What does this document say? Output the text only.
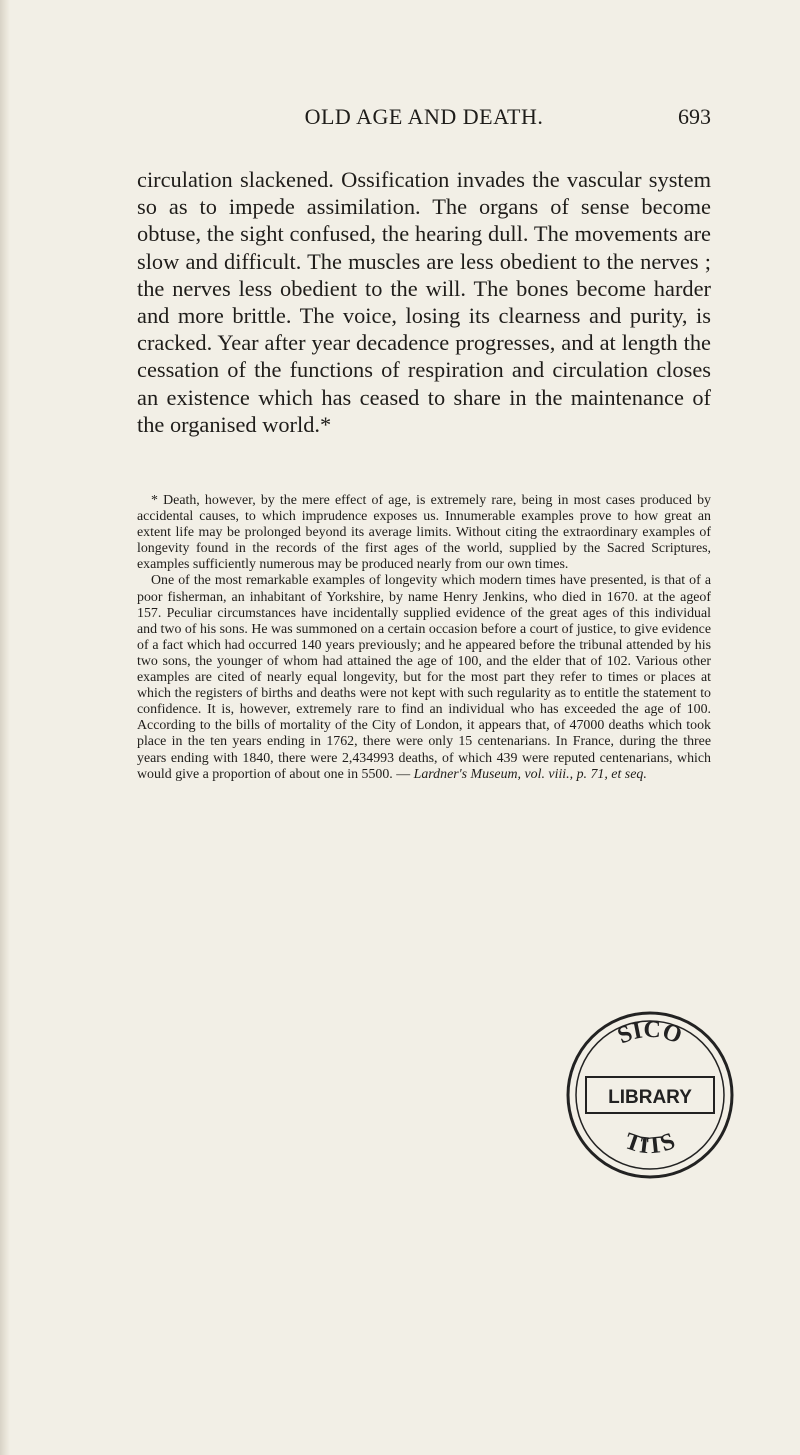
OLD AGE AND DEATH.	693

circulation slackened. Ossification invades the vascular system so as to impede assimilation. The organs of sense become obtuse, the sight confused, the hearing dull. The movements are slow and difficult. The muscles are less obedient to the nerves ; the nerves less obedient to the will. The bones become harder and more brittle. The voice, losing its clearness and purity, is cracked. Year after year decadence progresses, and at length the cessation of the functions of respiration and circulation closes an existence which has ceased to share in the maintenance of the organised world.*

* Death, however, by the mere effect of age, is extremely rare, being in most cases produced by accidental causes, to which imprudence exposes us. Innumerable examples prove to how great an extent life may be prolonged beyond its average limits. Without citing the extraordinary examples of longevity found in the records of the first ages of the world, supplied by the Sacred Scriptures, examples sufficiently numerous may be produced nearly from our own times.
One of the most remarkable examples of longevity which modern times have presented, is that of a poor fisherman, an inhabitant of Yorkshire, by name Henry Jenkins, who died in 1670. at the ageof 157. Peculiar circumstances have incidentally supplied evidence of the great ages of this individual and two of his sons. He was summoned on a certain occasion before a court of justice, to give evidence of a fact which had occurred 140 years previously; and he appeared before the tribunal attended by his two sons, the younger of whom had attained the age of 100, and the elder that of 102. Various other examples are cited of nearly equal longevity, but for the most part they refer to times or places at which the registers of births and deaths were not kept with such regularity as to entitle the statement to confidence. It is, however, extremely rare to find an individual who has exceeded the age of 100. According to the bills of mortality of the City of London, it appears that, of 47000 deaths which took place in the ten years ending in 1762, there were only 15 centenarians. In France, during the three years ending with 1840, there were 2,434993 deaths, of which 439 were reputed centenarians, which would give a proportion of about one in 5500. — Lardner's Museum, vol. viii., p. 71, et seq.
SICO
LIBRARY
TITS
